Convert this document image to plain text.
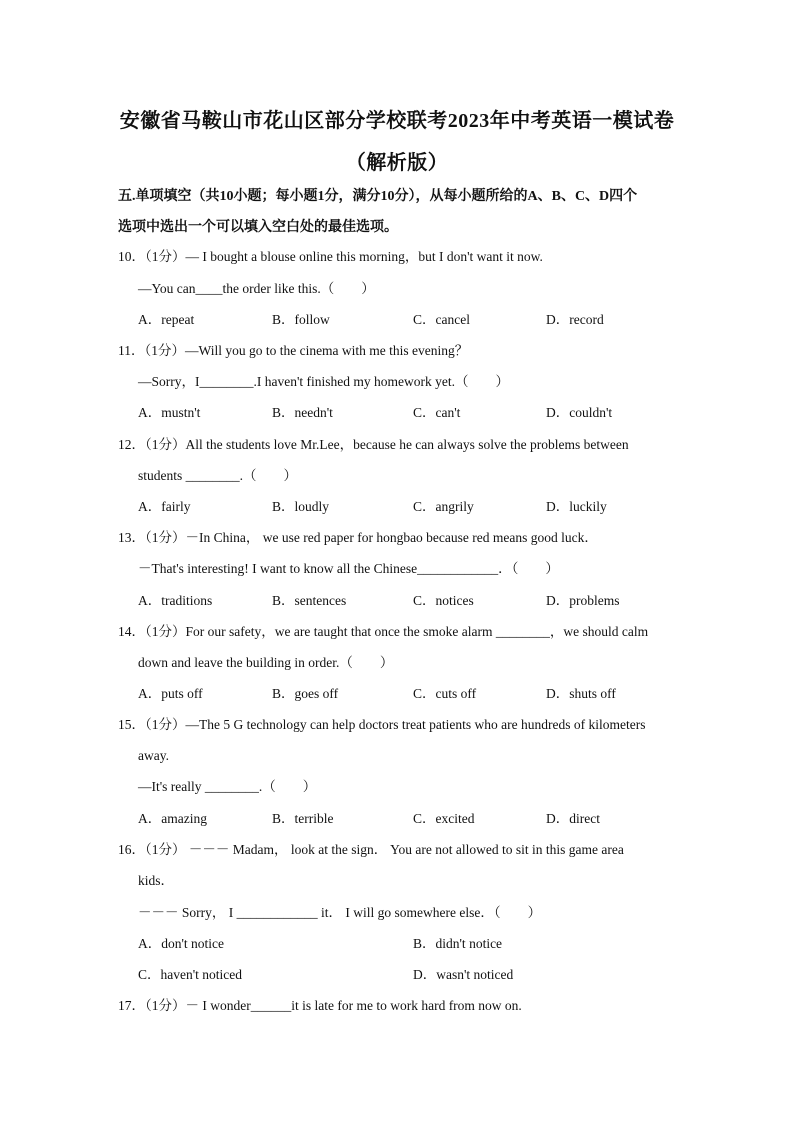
安徽省马鞍山市花山区部分学校联考2023年中考英语一模试卷
（解析版）
五.单项填空（共10小题；每小题1分，满分10分），从每小题所给的A、B、C、D四个
选项中选出一个可以填入空白处的最佳选项。
10．（1分）— I bought a blouse online this morning，but I don't want it now.
—You can____the order like this.（　　）
A．repeat	B．follow	C．cancel	D．record
11．（1分）—Will you go to the cinema with me this evening？
—Sorry，I________.I haven't finished my homework yet.（　　）
A．mustn't	B．needn't	C．can't	D．couldn't
12．（1分）All the students love Mr.Lee，because he can always solve the problems between
students ________.（　　）
A．fairly	B．loudly	C．angrily	D．luckily
13．（1分）－In China， we use red paper for hongbao because red means good luck．
－That's interesting! I want to know all the Chinese____________．（　　）
A．traditions	B．sentences	C．notices	D．problems
14．（1分）For our safety，we are taught that once the smoke alarm ________，we should calm
down and leave the building in order.（　　）
A．puts off	B．goes off	C．cuts off	D．shuts off
15．（1分）—The 5 G technology can help doctors treat patients who are hundreds of kilometers
away.
—It's really ________.（　　）
A．amazing	B．terrible	C．excited	D．direct
16．（1分） －－－ Madam， look at the sign． You are not allowed to sit in this game area
kids．
－－－ Sorry， I ____________ it． I will go somewhere else．（　　）
A．don't notice	B．didn't notice
C．haven't noticed	D．wasn't noticed
17．（1分）－ I wonder______it is late for me to work hard from now on.
